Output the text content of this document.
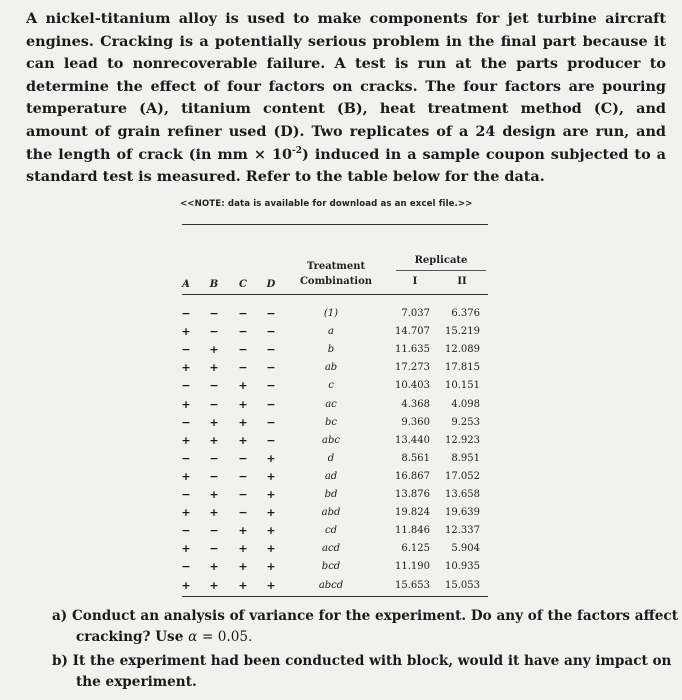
A nickel-titanium alloy is used to make components for jet turbine aircraft engines. Cracking is a potentially serious problem in the final part because it can lead to nonrecoverable failure. A test is run at the parts producer to determine the effect of four factors on cracks. The four factors are pouring temperature (A), titanium content (B), heat treatment method (C), and amount of grain refiner used (D). Two replicates of a 24 design are run, and the length of crack (in mm × $10^{-2}$) induced in a sample coupon subjected to a standard test is measured. Refer to the table below for the data.
<<NOTE: data is available for download as an excel file.>>
A	B	C	D
Treatment
Combination
Replicate
I	II
− − − −	(1)	7.037	6.376
+ − − −	a	14.707	15.219
− + − −	b	11.635	12.089
+ + − −	ab	17.273	17.815
− − + −	c	10.403	10.151
+ − + −	ac	4.368	4.098
− + + −	bc	9.360	9.253
+ + + −	abc	13.440	12.923
− − − +	d	8.561	8.951
+ − − +	ad	16.867	17.052
− + − +	bd	13.876	13.658
+ + − +	abd	19.824	19.639
− − + +	cd	11.846	12.337
+ − + +	acd	6.125	5.904
− + + +	bcd	11.190	10.935
+ + + +	abcd	15.653	15.053
a) Conduct an analysis of variance for the experiment. Do any of the factors affect
cracking? Use α = 0.05.
b) It the experiment had been conducted with block, would it have any impact on
the experiment.
